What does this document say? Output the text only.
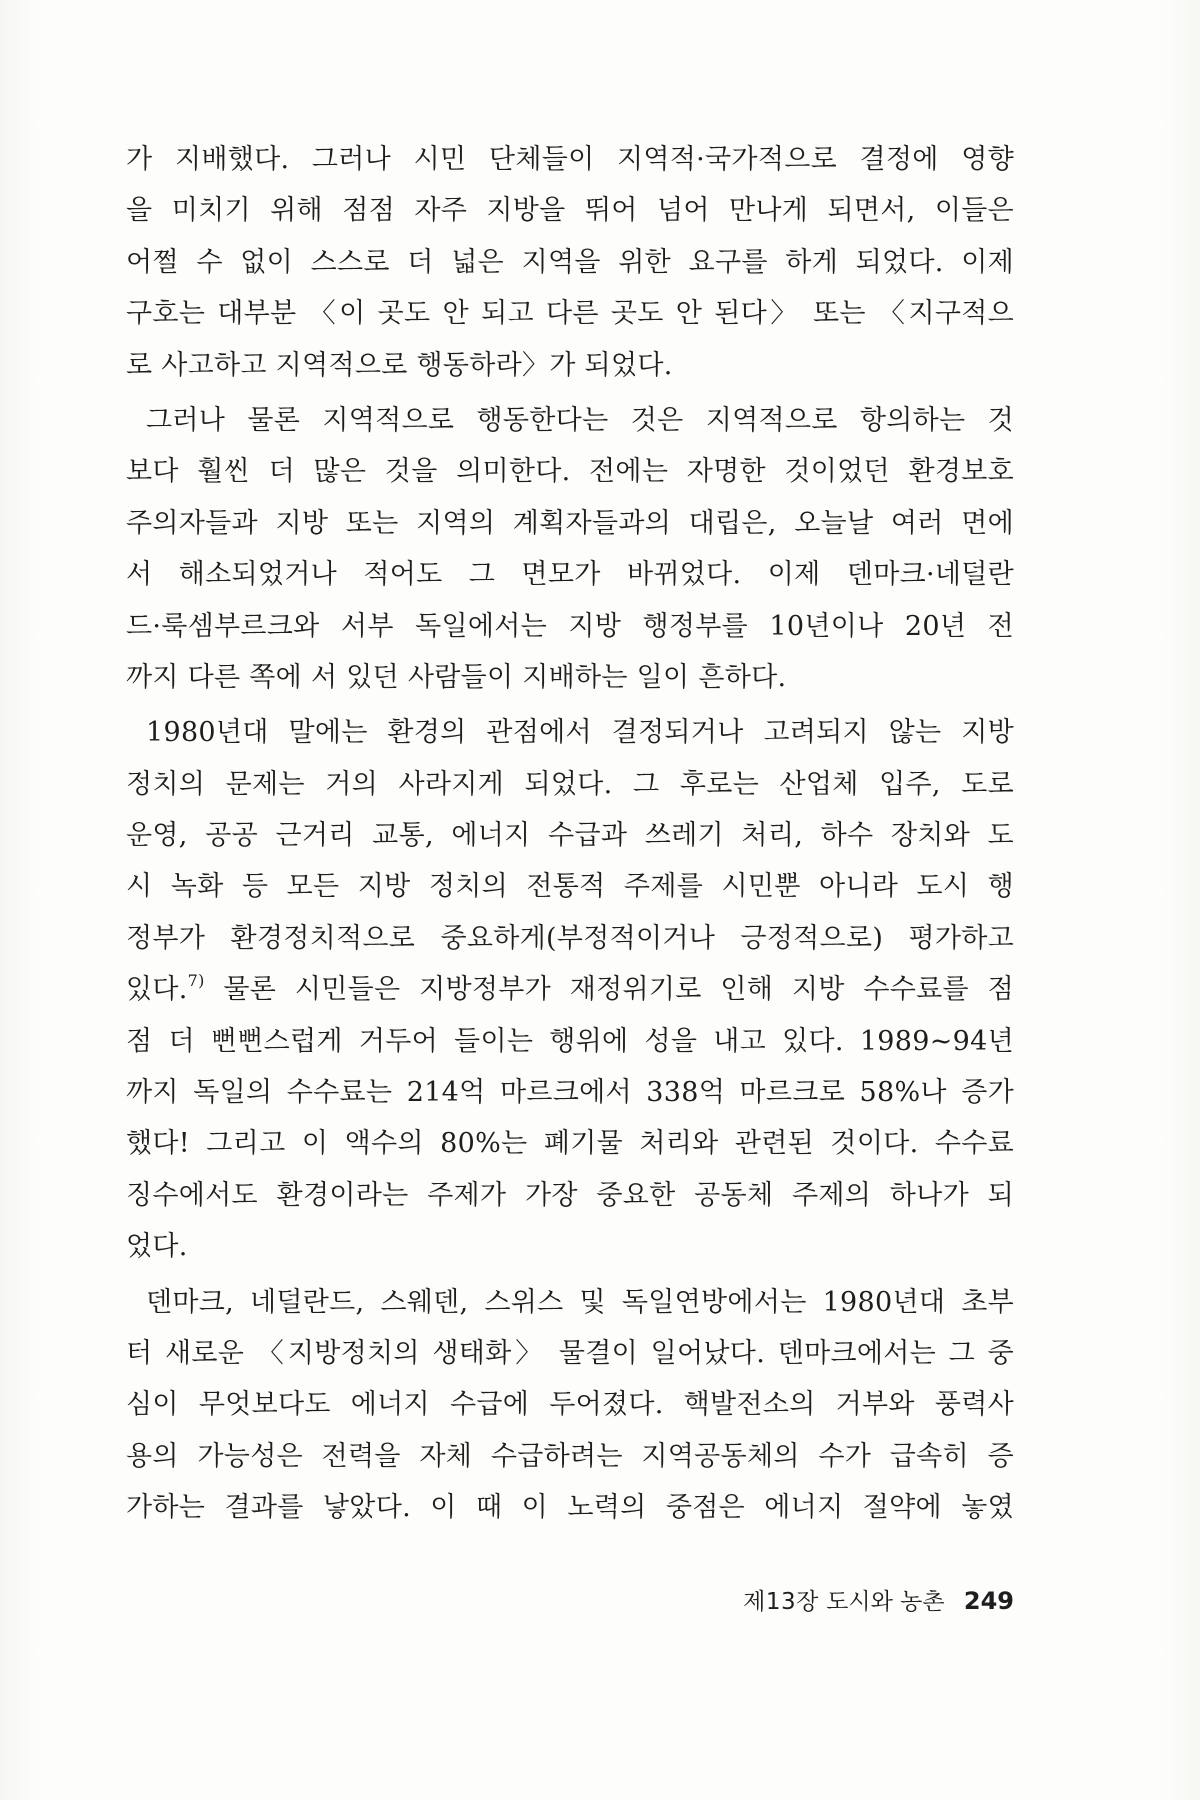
가 지배했다. 그러나 시민 단체들이 지역적·국가적으로 결정에 영향
을 미치기 위해 점점 자주 지방을 뛰어 넘어 만나게 되면서, 이들은
어쩔 수 없이 스스로 더 넓은 지역을 위한 요구를 하게 되었다. 이제
구호는 대부분 〈이 곳도 안 되고 다른 곳도 안 된다〉 또는 〈지구적으
로 사고하고 지역적으로 행동하라〉가 되었다.
그러나 물론 지역적으로 행동한다는 것은 지역적으로 항의하는 것
보다 훨씬 더 많은 것을 의미한다. 전에는 자명한 것이었던 환경보호
주의자들과 지방 또는 지역의 계획자들과의 대립은, 오늘날 여러 면에
서 해소되었거나 적어도 그 면모가 바뀌었다. 이제 덴마크·네덜란
드·룩셈부르크와 서부 독일에서는 지방 행정부를 10년이나 20년 전
까지 다른 쪽에 서 있던 사람들이 지배하는 일이 흔하다.
1980년대 말에는 환경의 관점에서 결정되거나 고려되지 않는 지방
정치의 문제는 거의 사라지게 되었다. 그 후로는 산업체 입주, 도로
운영, 공공 근거리 교통, 에너지 수급과 쓰레기 처리, 하수 장치와 도
시 녹화 등 모든 지방 정치의 전통적 주제를 시민뿐 아니라 도시 행
정부가 환경정치적으로 중요하게(부정적이거나 긍정적으로) 평가하고
있다.$^{7)}$ 물론 시민들은 지방정부가 재정위기로 인해 지방 수수료를 점
점 더 뻔뻔스럽게 거두어 들이는 행위에 성을 내고 있다. 1989~94년
까지 독일의 수수료는 214억 마르크에서 338억 마르크로 58%나 증가
했다! 그리고 이 액수의 80%는 폐기물 처리와 관련된 것이다. 수수료
징수에서도 환경이라는 주제가 가장 중요한 공동체 주제의 하나가 되
었다.
덴마크, 네덜란드, 스웨덴, 스위스 및 독일연방에서는 1980년대 초부
터 새로운 〈지방정치의 생태화〉 물결이 일어났다. 덴마크에서는 그 중
심이 무엇보다도 에너지 수급에 두어졌다. 핵발전소의 거부와 풍력사
용의 가능성은 전력을 자체 수급하려는 지역공동체의 수가 급속히 증
가하는 결과를 낳았다. 이 때 이 노력의 중점은 에너지 절약에 놓였
제13장 도시와 농촌 249
